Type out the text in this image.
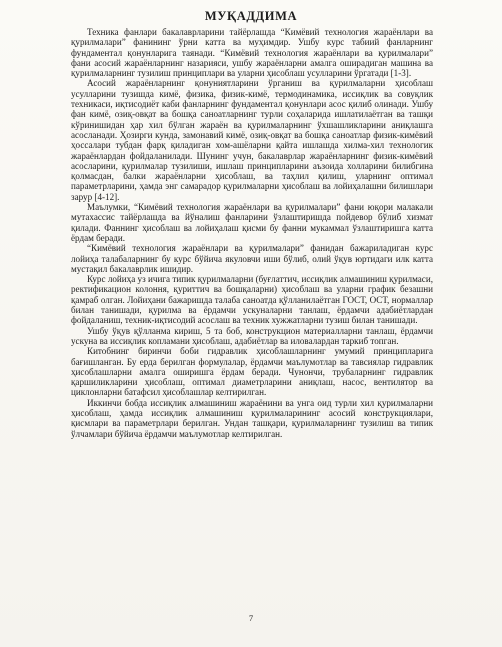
МУҚАДДИМА

Техника фанлари бакалаврларини тайёрлашда “Кимёвий технология жараёнлари ва қурилмалари” фанининг ўрни катта ва муҳимдир. Ушбу курс табиий фанларнинг фундаментал қонунларига таянади. “Кимёвий технология жараёнлари ва қурилмалари” фани асосий жараёнларнинг назарияси, ушбу жараёнларни амалга оширадиган машина ва қурилмаларнинг тузилиш принциплари ва уларни ҳисоблаш усулларини ўргатади [1-3].

Асосий жараёнларнинг қонуниятларини ўрганиш ва қурилмаларни ҳисоблаш усулларини тузишда кимё, физика, физик-кимё, термодинамика, иссиқлик ва совуқлик техникаси, иқтисодиёт каби фанларнинг фундаментал қонунлари асос қилиб олинади. Ушбу фан кимё, озиқ-овқат ва бошқа саноатларнинг турли соҳаларида ишлатилаётган ва ташқи кўринишидан ҳар хил бўлган жараён ва қурилмаларнинг ўхшашликларини аниқлашга асосланади. Ҳозирги кунда, замонавий кимё, озиқ-овқат ва бошқа саноатлар физик-кимёвий ҳоссалари тубдан фарқ қиладиган хом-ашёларни қайта ишлашда хилма-хил технологик жараёнлардан фойдаланилади. Шунинг учун, бакалаврлар жараёнларнинг физик-кимёвий асосларини, қурилмалар тузилиши, ишлаш принципларини аъзоида холларини билибгина қолмасдан, балки жараёнларни ҳисоблаш, ва таҳлил қилиш, уларнинг оптимал параметрларини, ҳамда энг самарадор қурилмаларни ҳисоблаш ва лойиҳалашни билишлари зарур [4-12].

Маълумки, “Кимёвий технология жараёнлари ва қурилмалари” фани юқори малакали мутахассис тайёрлашда ва йўналиш фанларини ўзлаштиришда пойдевор бўлиб хизмат қилади. Фаннинг ҳисоблаш ва лойиҳалаш қисми бу фанни мукаммал ўзлаштиришга катта ёрдам беради.

“Кимёвий технология жараёнлари ва қурилмалари” фанидан бажариладиган курс лойиҳа талабаларнинг бу курс бўйича якуловчи иши бўлиб, олий ўқув юртидаги илк катта мустақил бакалаврлик ишидир.

Курс лойиҳа уз ичига типик қурилмаларни (буғлаттич, иссиқлик алмашиниш қурилмаси, ректификацион колоння, қуриттич ва бошқаларни) ҳисоблаш ва уларни график безашни қамраб олган. Лойиҳани бажаришда талаба саноатда қўлланилаётган ГОСТ, ОСТ, нормаллар билан танишади, қурилма ва ёрдамчи ускуналарни танлаш, ёрдамчи адабиётлардан фойдаланиш, техник-иқтисодий асослаш ва техник хужжатларни тузиш билан танишади.

Ушбу ўқув қўлланма кириш, 5 та боб, конструкцион материалларни танлаш, ёрдамчи ускуна ва иссиқлик копламани ҳисоблаш, адабиётлар ва иловалардан таркиб топган.

Китобнинг биринчи боби гидравлик ҳисоблашларнинг умумий принципларига бағишланган. Бу ерда берилган формулалар, ёрдамчи маълумотлар ва тавсиялар гидравлик ҳисоблашларни амалга оширишга ёрдам беради. Чунончи, трубаларнинг гидравлик қаршиликларини ҳисоблаш, оптимал диаметрларини аниқлаш, насос, вентилятор ва циклонларни батафсил ҳисоблашлар келтирилган.

Иккинчи бобда иссиқлик алмашиниш жараёнини ва унга оид турли хил қурилмаларни ҳисоблаш, ҳамда иссиқлик алмашиниш қурилмаларининг асосий конструкциялари, қисмлари ва параметрлари берилган. Ундан ташқари, қурилмаларнинг тузилиш ва типик ўлчамлари бўйича ёрдамчи маълумотлар келтирилган.

7
